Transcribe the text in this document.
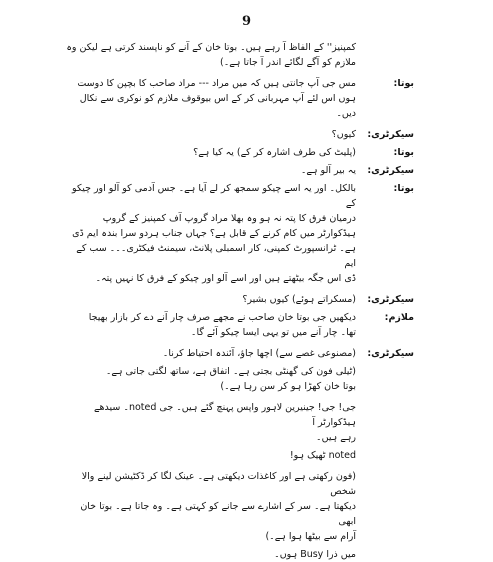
9
کمپنیز'' کے الفاظ آ رہے ہیں۔ بوتا خان کے آنے کو ناپسند کرتی ہے لیکن وہ
ملازم کو آگے لگائے اندر آ جاتا ہے۔)
بوتا:
مس جی آپ جانتی ہیں کہ میں مراد --- مراد صاحب کا بچپن کا دوست
ہوں اس لئے آپ مہربانی کر کے اس بیوقوف ملازم کو نوکری سے نکال
دیں۔
سیکرٹری:
کیوں؟
بوتا:
(پلیٹ کی طرف اشارہ کر کے) یہ کیا ہے؟
سیکرٹری:
یہ بیر آلو ہے۔
بوتا:
بالکل۔ اور یہ اسے چیکو سمجھ کر لے آیا ہے۔ جس آدمی کو آلو اور چیکو کے
درمیان فرق کا پتہ نہ ہو وہ بھلا مراد گروپ آف کمپنیز کے گروپ
ہیڈکوارٹر میں کام کرنے کے قابل ہے؟ جہاں جناب ہردو سرا بندہ ایم ڈی
ہے۔ ٹرانسپورٹ کمپنی، کار اسمبلی پلانٹ، سیمنٹ فیکٹری۔۔۔ سب کے ایم
ڈی اس جگہ بیٹھتے ہیں اور اسے آلو اور چیکو کے فرق کا نہیں پتہ۔
سیکرٹری:
(مسکراتے ہوئے) کیوں بشیر؟
ملازم:
دیکھیں جی بوتا خان صاحب نے مجھے صرف چار آنے دے کر بازار بھیجا
تھا۔ چار آنے میں تو یہی ایسا چیکو آئے گا۔
سیکرٹری:
(مصنوعی غصے سے) اچھا جاؤ، آئندہ احتیاط کرنا۔
(ٹیلی فون کی گھنٹی بجتی ہے۔ اتفاق ہے، ساتھ لگتی جاتی ہے۔
بوتا خان کھڑا ہو کر سن رہا ہے۔)
جی! جی! جینیرین لاہور واپس پہنچ گئے ہیں۔ جی noted۔ سیدھے ہیڈکوارٹر آ
رہے ہیں۔
noted ٹھیک ہو!
(فون رکھتی ہے اور کاغذات دیکھتی ہے۔ عینک لگا کر ڈکٹیشن لینے والا شخص
دیکھتا ہے۔ سر کے اشارے سے جانے کو کہتی ہے۔ وہ جاتا ہے۔ بوتا خان ابھی
آرام سے بیٹھا ہوا ہے۔)
میں ذرا Busy ہوں۔
